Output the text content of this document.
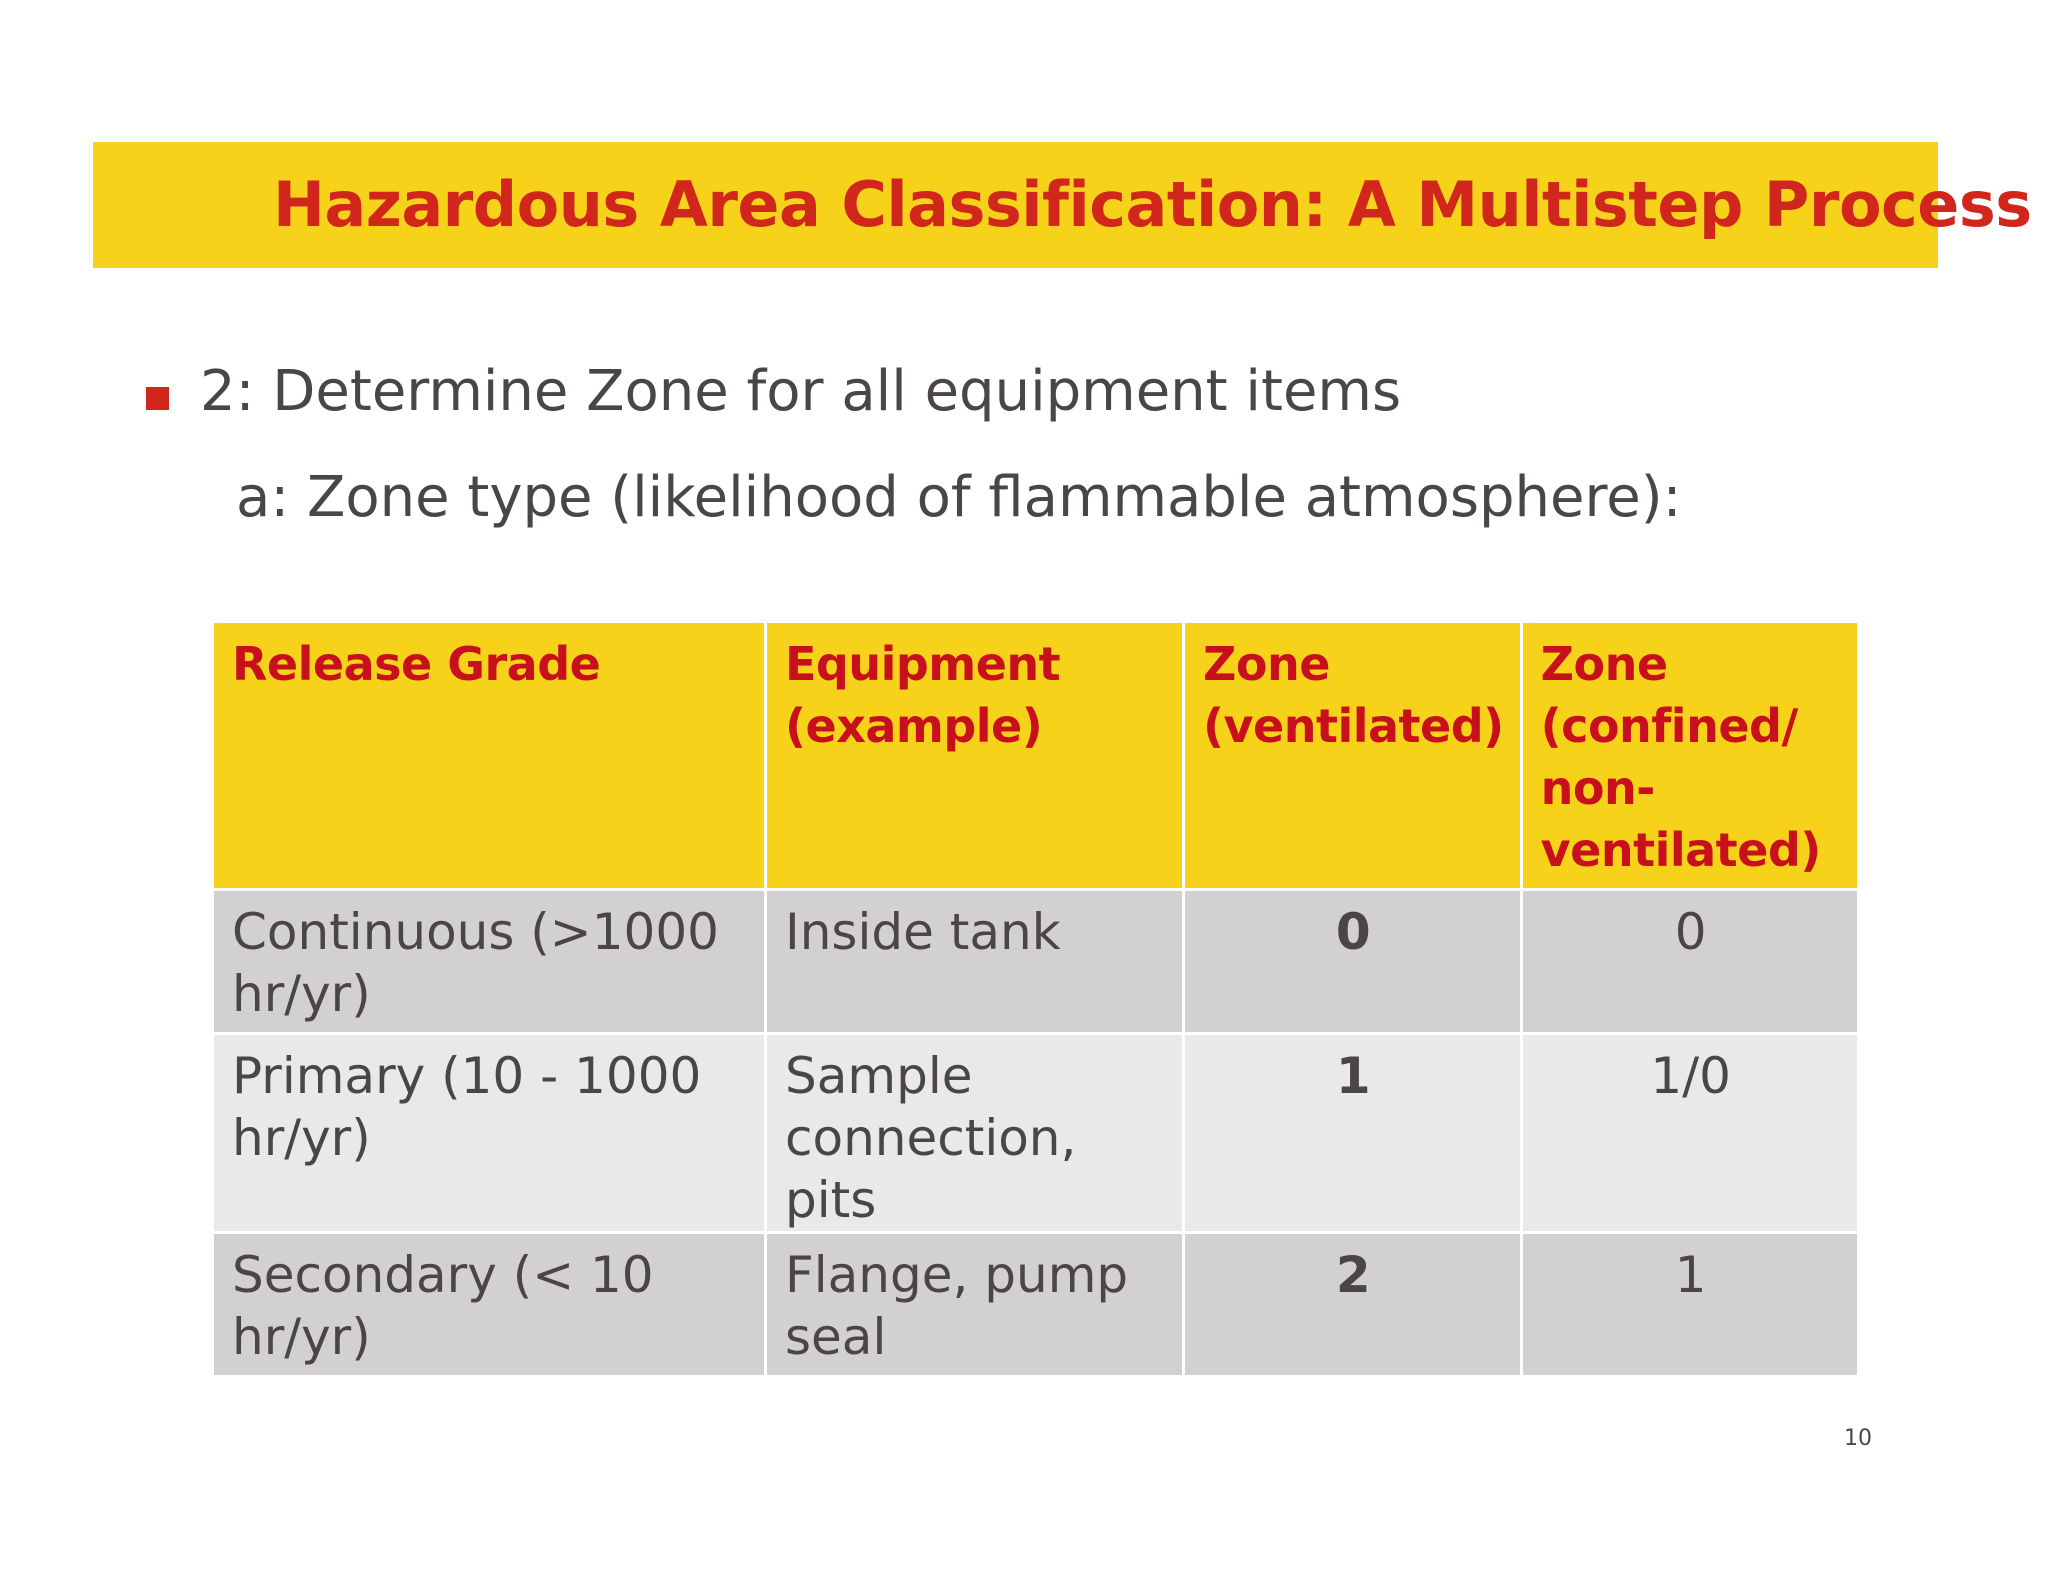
Hazardous Area Classification: A Multistep Process
2: Determine Zone for all equipment items
a: Zone type (likelihood of flammable atmosphere):
Release Grade	Equipment (example)	Zone (ventilated)	Zone (confined/ non-ventilated)
Continuous (>1000 hr/yr)	Inside tank	0	0
Primary (10 - 1000 hr/yr)	Sample connection, pits	1	1/0
Secondary (< 10 hr/yr)	Flange, pump seal	2	1
10
